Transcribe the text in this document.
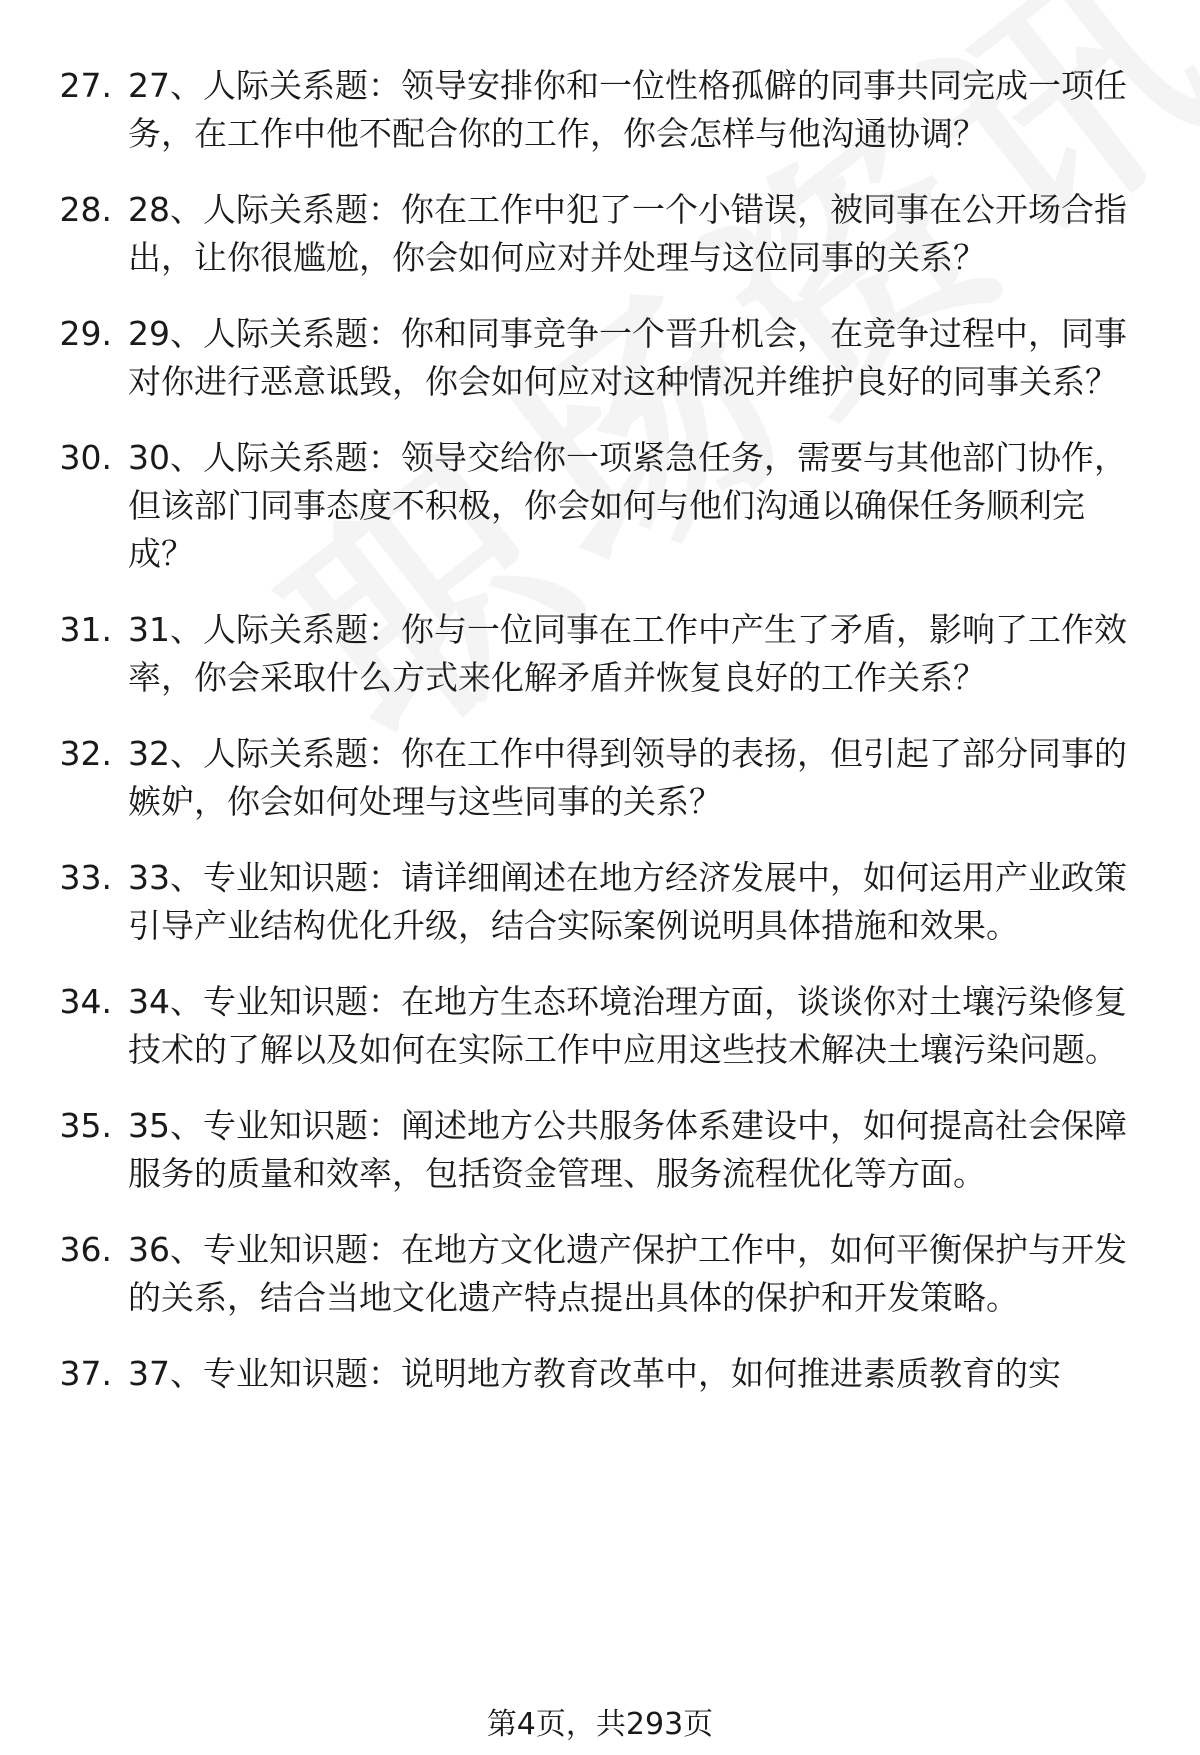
27. 27、人际关系题：领导安排你和一位性格孤僻的同事共同完成一项任务，在工作中他不配合你的工作，你会怎样与他沟通协调？
28. 28、人际关系题：你在工作中犯了一个小错误，被同事在公开场合指出，让你很尴尬，你会如何应对并处理与这位同事的关系？
29. 29、人际关系题：你和同事竞争一个晋升机会，在竞争过程中，同事对你进行恶意诋毁，你会如何应对这种情况并维护良好的同事关系？
30. 30、人际关系题：领导交给你一项紧急任务，需要与其他部门协作，但该部门同事态度不积极，你会如何与他们沟通以确保任务顺利完成？
31. 31、人际关系题：你与一位同事在工作中产生了矛盾，影响了工作效率，你会采取什么方式来化解矛盾并恢复良好的工作关系？
32. 32、人际关系题：你在工作中得到领导的表扬，但引起了部分同事的嫉妒，你会如何处理与这些同事的关系？
33. 33、专业知识题：请详细阐述在地方经济发展中，如何运用产业政策引导产业结构优化升级，结合实际案例说明具体措施和效果。
34. 34、专业知识题：在地方生态环境治理方面，谈谈你对土壤污染修复技术的了解以及如何在实际工作中应用这些技术解决土壤污染问题。
35. 35、专业知识题：阐述地方公共服务体系建设中，如何提高社会保障服务的质量和效率，包括资金管理、服务流程优化等方面。
36. 36、专业知识题：在地方文化遗产保护工作中，如何平衡保护与开发的关系，结合当地文化遗产特点提出具体的保护和开发策略。
37. 37、专业知识题：说明地方教育改革中，如何推进素质教育的实
第4页，共293页
